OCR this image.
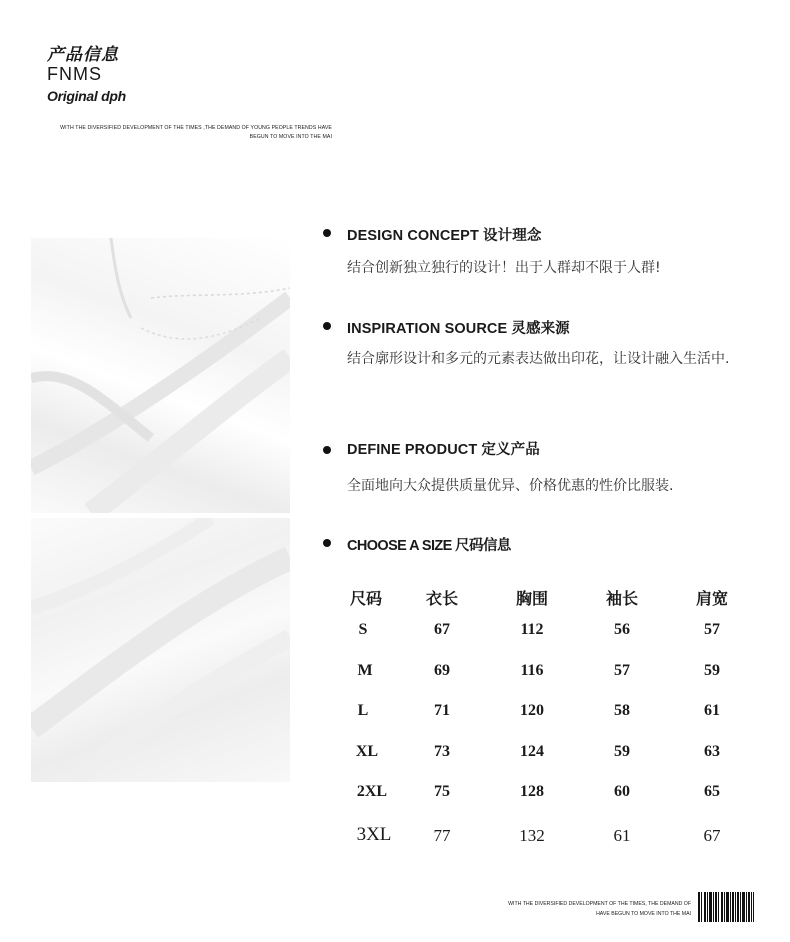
产品信息
FNMS
Original dph
WITH THE DIVERSIFIED DEVELOPMENT OF THE TIMES ,THE DEMAND OF YOUNG PEOPLE TRENDS HAVE
BEGUN TO MOVE INTO THE MAI
DESIGN CONCEPT 设计理念
结合创新独立独行的设计！出于人群却不限于人群!
INSPIRATION SOURCE 灵感来源
结合廓形设计和多元的元素表达做出印花，让设计融入生活中.
DEFINE PRODUCT 定义产品
全面地向大众提供质量优异、价格优惠的性价比服装.
CHOOSE A SIZE 尺码信息
尺码	衣长	胸围	袖长	肩宽
S	67	112	56	57
M	69	116	57	59
L	71	120	58	61
XL	73	124	59	63
2XL	75	128	60	65
3XL	77	132	61	67
WITH THE DIVERSIFIED DEVELOPMENT OF THE TIMES, THE DEMAND OF
HAVE BEGUN TO MOVE INTO THE MAI
